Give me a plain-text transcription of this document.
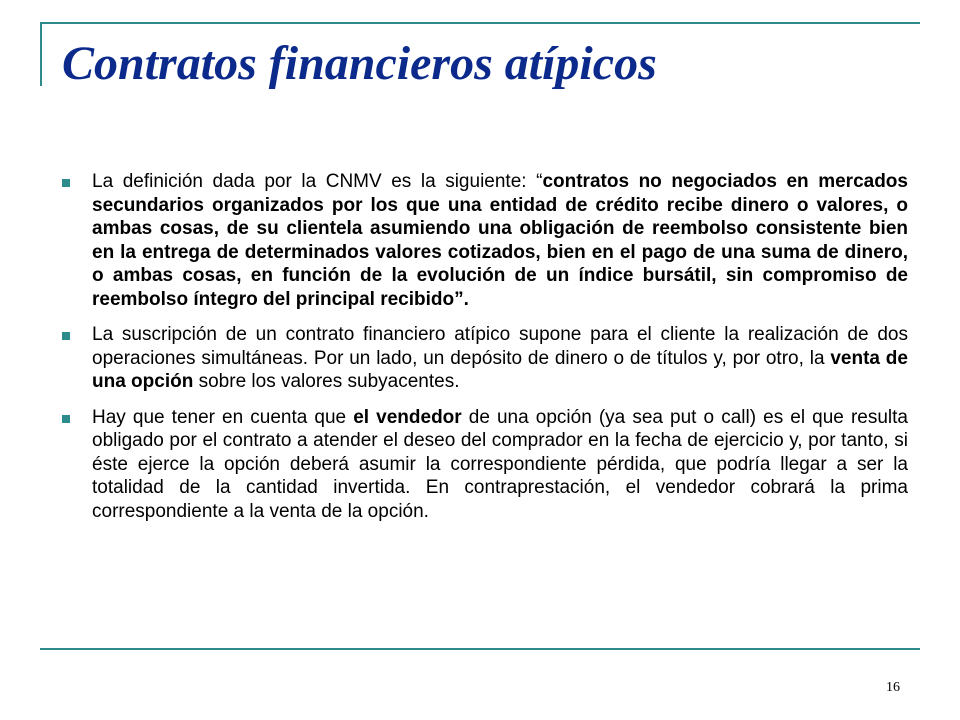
Contratos financieros atípicos
La definición dada por la CNMV es la siguiente: “contratos no negociados en mercados secundarios organizados por los que una entidad de crédito recibe dinero o valores, o ambas cosas, de su clientela asumiendo una obligación de reembolso consistente bien en la entrega de determinados valores cotizados, bien en el pago de una suma de dinero, o ambas cosas, en función de la evolución de un índice bursátil, sin compromiso de reembolso íntegro del principal recibido”.
La suscripción de un contrato financiero atípico supone para el cliente la realización de dos operaciones simultáneas. Por un lado, un depósito de dinero o de títulos y, por otro, la venta de una opción sobre los valores subyacentes.
Hay que tener en cuenta que el vendedor de una opción (ya sea put o call) es el que resulta obligado por el contrato a atender el deseo del comprador en la fecha de ejercicio y, por tanto, si éste ejerce la opción deberá asumir la correspondiente pérdida, que podría llegar a ser la totalidad de la cantidad invertida. En contraprestación, el vendedor cobrará la prima correspondiente a la venta de la opción.
16
